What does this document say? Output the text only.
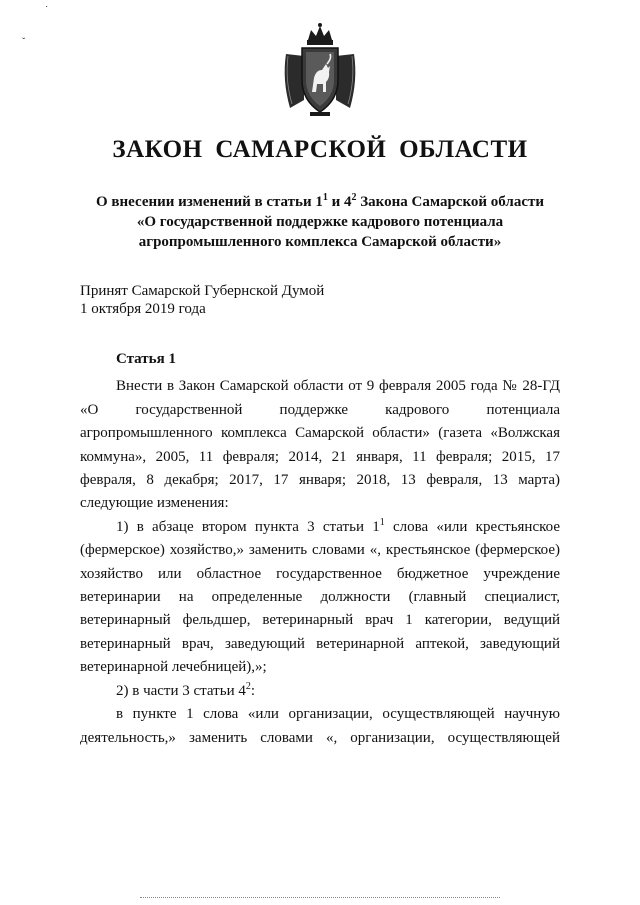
˙
ˇ
ЗАКОН САМАРСКОЙ ОБЛАСТИ
О внесении изменений в статьи $1^1$ и $4^2$ Закона Самарской области
«О государственной поддержке кадрового потенциала
агропромышленного комплекса Самарской области»
Принят Самарской Губернской Думой
1 октября 2019 года

Статья 1

Внести в Закон Самарской области от 9 февраля 2005 года № 28-ГД «О государственной поддержке кадрового потенциала агропромышленного комплекса Самарской области» (газета «Волжская коммуна», 2005, 11 февраля; 2014, 21 января, 11 февраля; 2015, 17 февраля, 8 декабря; 2017, 17 января; 2018, 13 февраля, 13 марта) следующие изменения:

1) в абзаце втором пункта 3 статьи $1^1$ слова «или крестьянское (фермерское) хозяйство,» заменить словами «, крестьянское (фермерское) хозяйство или областное государственное бюджетное учреждение ветеринарии на определенные должности (главный специалист, ветеринарный фельдшер, ветеринарный врач 1 категории, ведущий ветеринарный врач, заведующий ветеринарной аптекой, заведующий ветеринарной лечебницей),»;

2) в части 3 статьи $4^2$:

в пункте 1 слова «или организации, осуществляющей научную деятельность,» заменить словами «, организации, осуществляющей
